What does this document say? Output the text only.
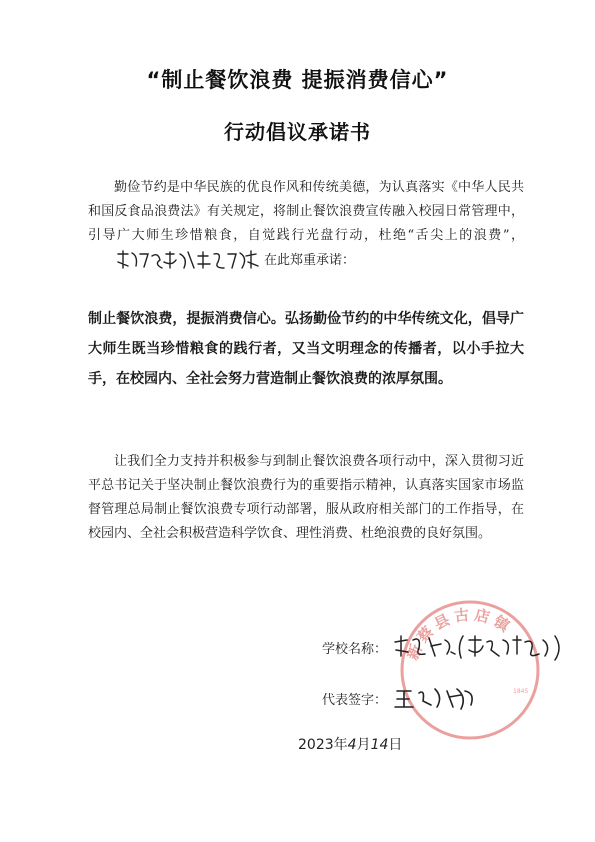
“制止餐饮浪费 提振消费信心”
行动倡议承诺书

勤俭节约是中华民族的优良作风和传统美德，为认真落实《中华人民共和国反食品浪费法》有关规定，将制止餐饮浪费宣传融入校园日常管理中，引导广大师生珍惜粮食，自觉践行光盘行动，杜绝“舌尖上的浪费”，在此郑重承诺：

制止餐饮浪费，提振消费信心。弘扬勤俭节约的中华传统文化，倡导广大师生既当珍惜粮食的践行者，又当文明理念的传播者，以小手拉大手，在校园内、全社会努力营造制止餐饮浪费的浓厚氛围。

让我们全力支持并积极参与到制止餐饮浪费各项行动中，深入贯彻习近平总书记关于坚决制止餐饮浪费行为的重要指示精神，认真落实国家市场监督管理总局制止餐饮浪费专项行动部署，服从政府相关部门的工作指导，在校园内、全社会积极营造科学饮食、理性消费、杜绝浪费的良好氛围。

新蔡县古店镇
1845
学校名称：
代表签字：
2023年4月14日
